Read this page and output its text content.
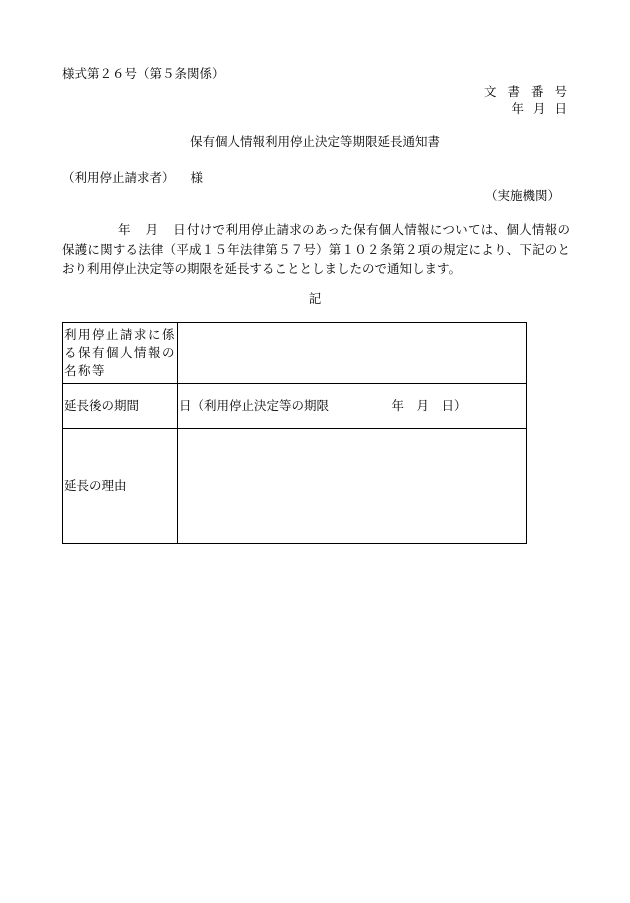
様式第２６号（第５条関係）
文書番号
年月日
保有個人情報利用停止決定等期限延長通知書
（利用停止請求者） 様
（実施機関）
年　月　日付けで利用停止請求のあった保有個人情報については、個人情報の保護に関する法律（平成１５年法律第５７号）第１０２条第２項の規定により、下記のとおり利用停止決定等の期限を延長することとしましたので通知します。
記
利用停止請求に係る保有個人情報の名称等	
延長後の期間	日（利用停止決定等の期限　　　　　年　月　日）
延長の理由	
